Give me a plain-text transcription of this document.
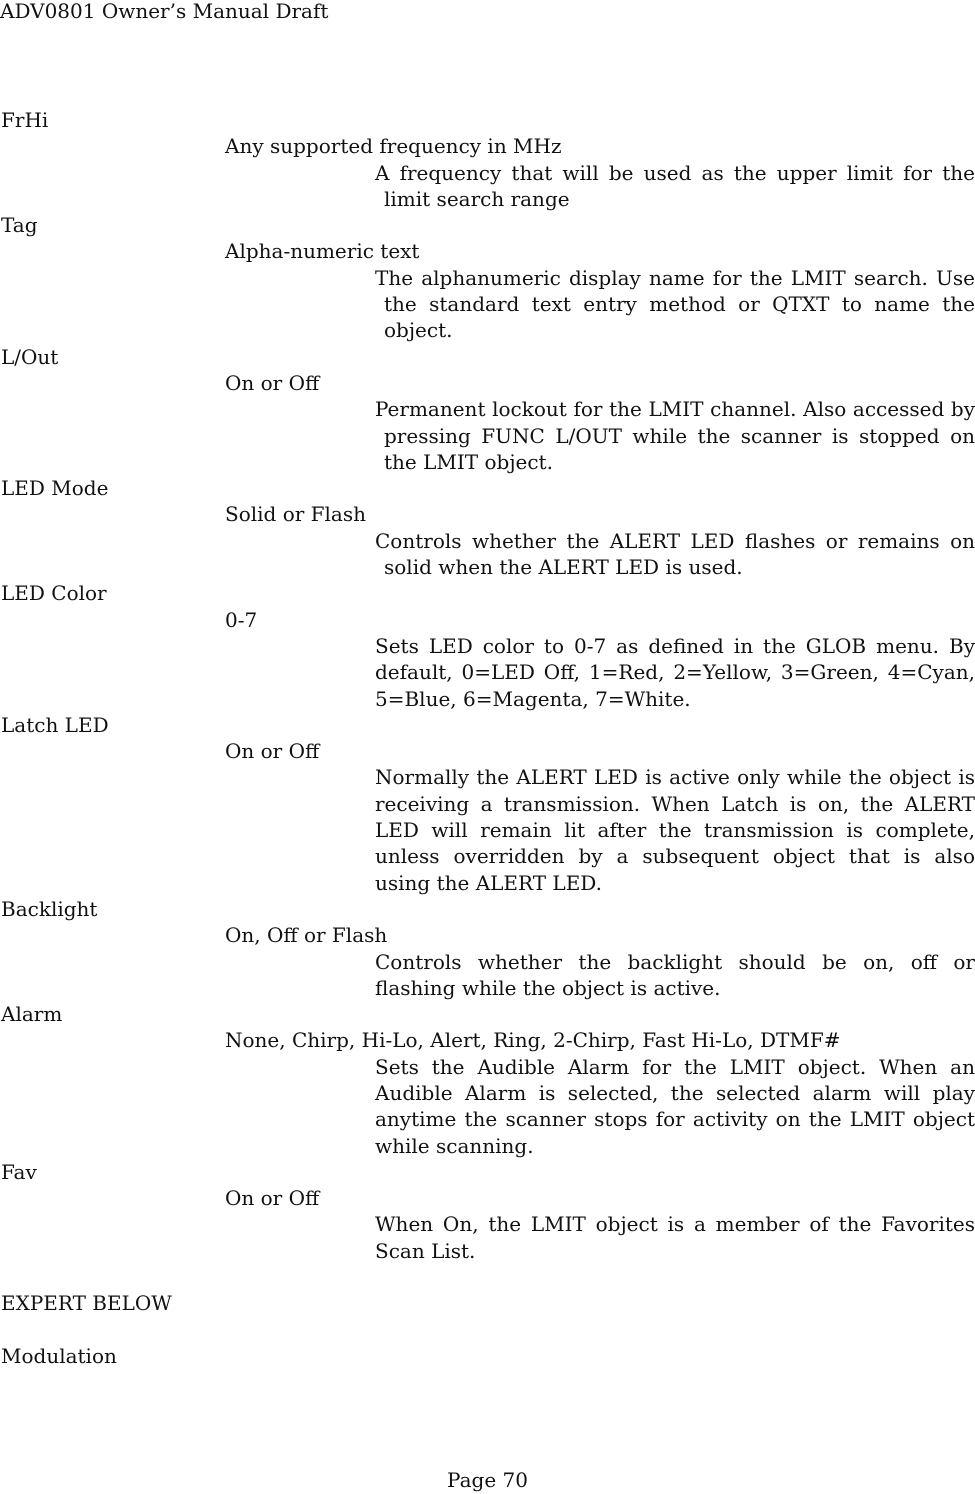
ADV0801 Owner’s Manual Draft
FrHi
Any supported frequency in MHz
A frequency that will be used as the upper limit for the limit search range
Tag
Alpha-numeric text
The alphanumeric display name for the LMIT search. Use the standard text entry method or QTXT to name the object.
L/Out
On or Off
Permanent lockout for the LMIT channel. Also accessed by pressing FUNC L/OUT while the scanner is stopped on the LMIT object.
LED Mode
Solid or Flash
Controls whether the ALERT LED flashes or remains on solid when the ALERT LED is used.
LED Color
0-7
Sets LED color to 0-7 as defined in the GLOB menu. By default, 0=LED Off, 1=Red, 2=Yellow, 3=Green, 4=Cyan, 5=Blue, 6=Magenta, 7=White.
Latch LED
On or Off
Normally the ALERT LED is active only while the object is receiving a transmission. When Latch is on, the ALERT LED will remain lit after the transmission is complete, unless overridden by a subsequent object that is also using the ALERT LED.
Backlight
On, Off or Flash
Controls whether the backlight should be on, off or flashing while the object is active.
Alarm
None, Chirp, Hi-Lo, Alert, Ring, 2-Chirp, Fast Hi-Lo, DTMF#
Sets the Audible Alarm for the LMIT object. When an Audible Alarm is selected, the selected alarm will play anytime the scanner stops for activity on the LMIT object while scanning.
Fav
On or Off
When On, the LMIT object is a member of the Favorites Scan List.
EXPERT BELOW
Modulation
Page 70
